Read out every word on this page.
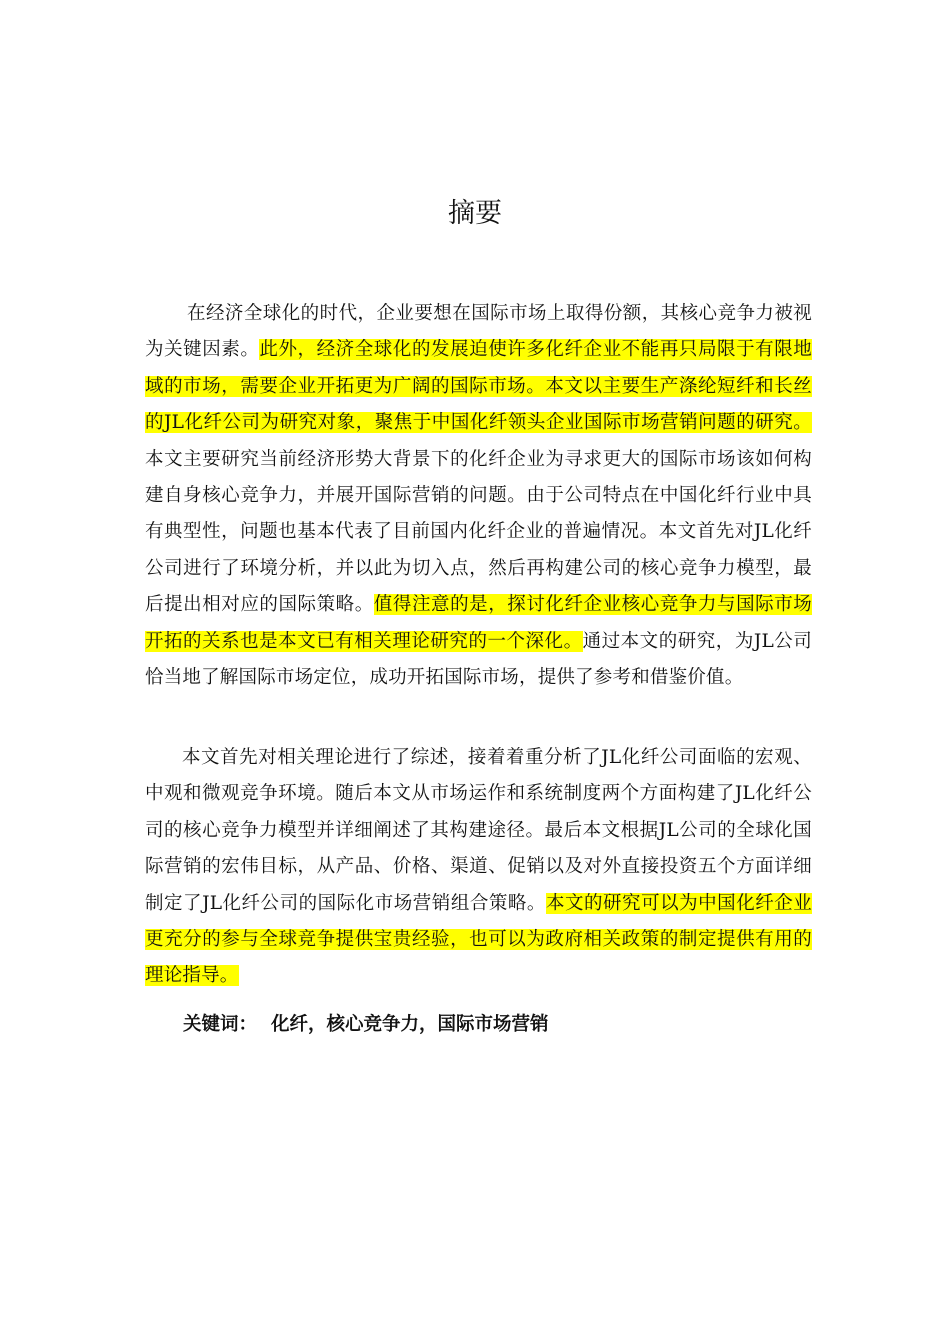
摘要

在经济全球化的时代，企业要想在国际市场上取得份额，其核心竞争力被视为关键因素。此外，经济全球化的发展迫使许多化纤企业不能再只局限于有限地域的市场，需要企业开拓更为广阔的国际市场。本文以主要生产涤纶短纤和长丝的JL化纤公司为研究对象，聚焦于中国化纤领头企业国际市场营销问题的研究。本文主要研究当前经济形势大背景下的化纤企业为寻求更大的国际市场该如何构建自身核心竞争力，并展开国际营销的问题。由于公司特点在中国化纤行业中具有典型性，问题也基本代表了目前国内化纤企业的普遍情况。本文首先对JL化纤公司进行了环境分析，并以此为切入点，然后再构建公司的核心竞争力模型，最后提出相对应的国际策略。值得注意的是，探讨化纤企业核心竞争力与国际市场开拓的关系也是本文已有相关理论研究的一个深化。通过本文的研究，为JL公司恰当地了解国际市场定位，成功开拓国际市场，提供了参考和借鉴价值。

本文首先对相关理论进行了综述，接着着重分析了JL化纤公司面临的宏观、中观和微观竞争环境。随后本文从市场运作和系统制度两个方面构建了JL化纤公司的核心竞争力模型并详细阐述了其构建途径。最后本文根据JL公司的全球化国际营销的宏伟目标，从产品、价格、渠道、促销以及对外直接投资五个方面详细制定了JL化纤公司的国际化市场营销组合策略。本文的研究可以为中国化纤企业更充分的参与全球竞争提供宝贵经验，也可以为政府相关政策的制定提供有用的理论指导。

关键词： 化纤，核心竞争力，国际市场营销
